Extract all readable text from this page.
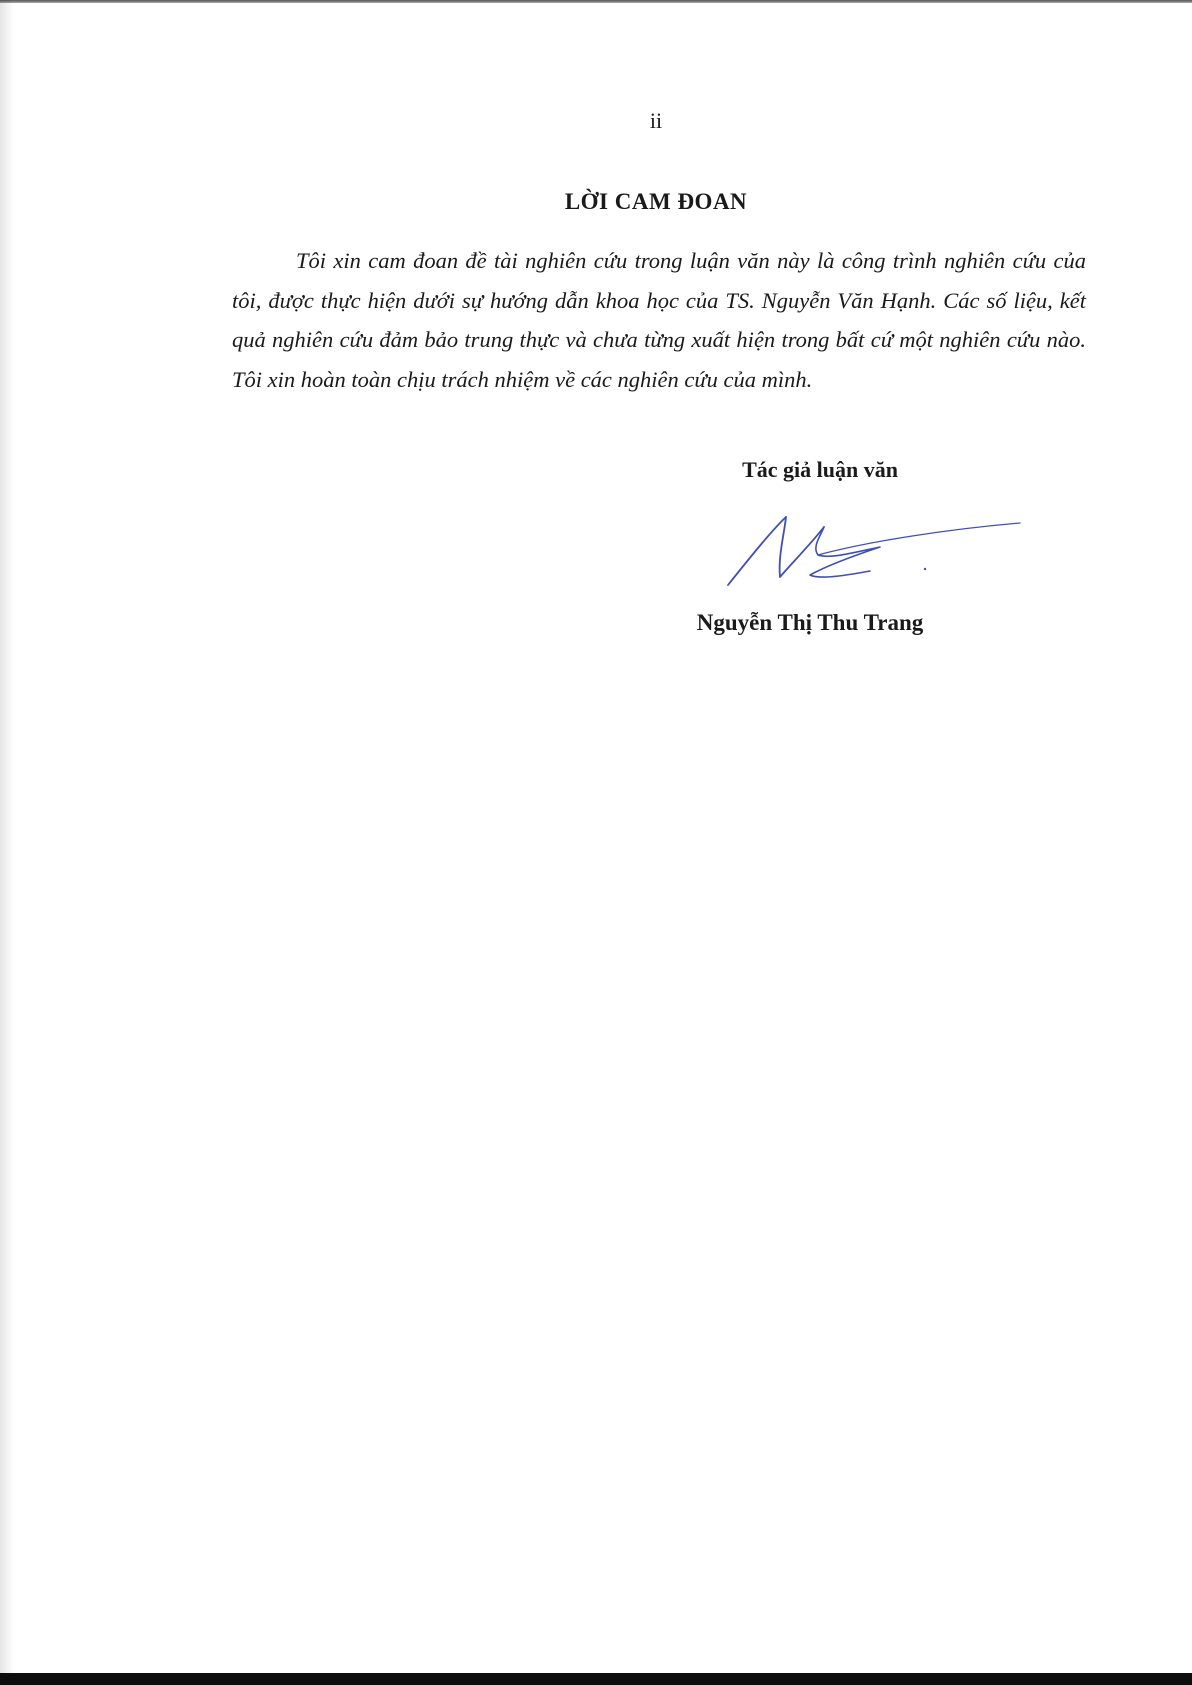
ii
LỜI CAM ĐOAN

Tôi xin cam đoan đề tài nghiên cứu trong luận văn này là công trình nghiên cứu của tôi, được thực hiện dưới sự hướng dẫn khoa học của TS. Nguyễn Văn Hạnh. Các số liệu, kết quả nghiên cứu đảm bảo trung thực và chưa từng xuất hiện trong bất cứ một nghiên cứu nào. Tôi xin hoàn toàn chịu trách nhiệm về các nghiên cứu của mình.

Tác giả luận văn
Nguyễn Thị Thu Trang
